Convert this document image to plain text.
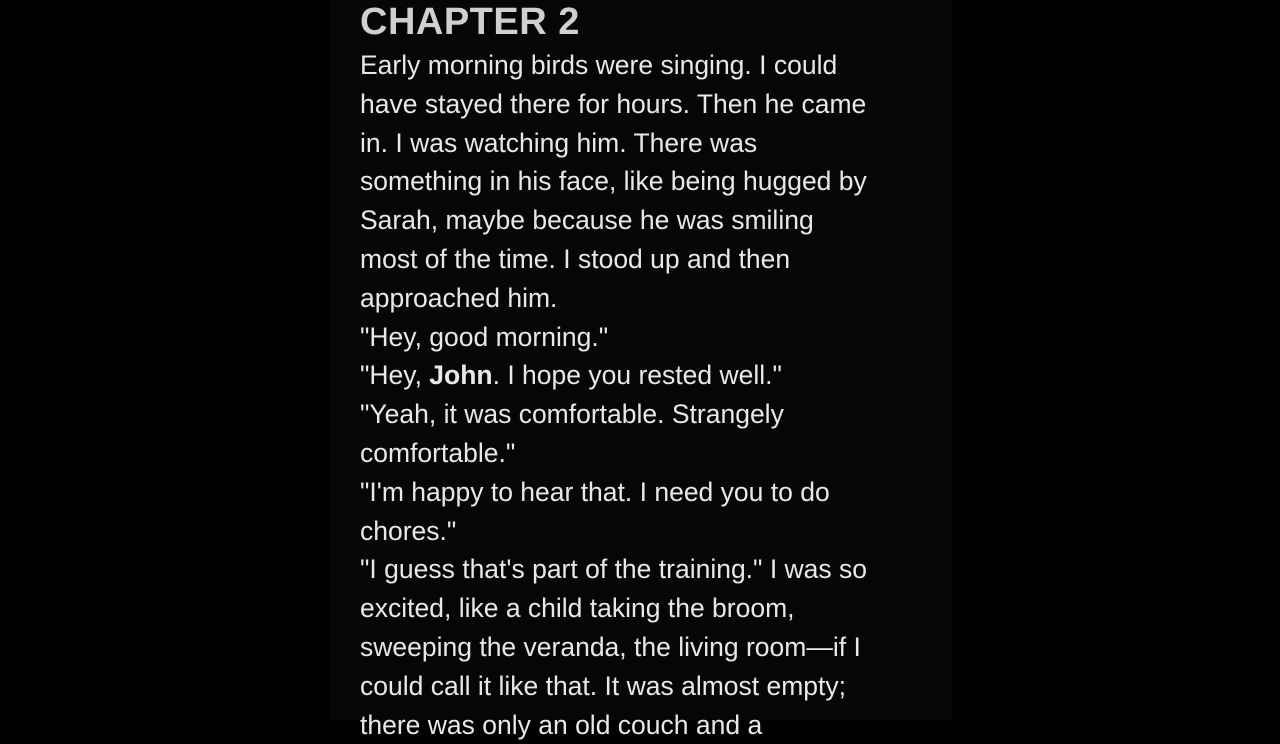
CHAPTER 2
Early morning birds were singing. I could
have stayed there for hours. Then he came
in. I was watching him. There was
something in his face, like being hugged by
Sarah, maybe because he was smiling
most of the time. I stood up and then
approached him.
"Hey, good morning."
"Hey, John. I hope you rested well."
"Yeah, it was comfortable. Strangely
comfortable."
"I'm happy to hear that. I need you to do
chores."
"I guess that's part of the training." I was so
excited, like a child taking the broom,
sweeping the veranda, the living room—if I
could call it like that. It was almost empty;
there was only an old couch and a
